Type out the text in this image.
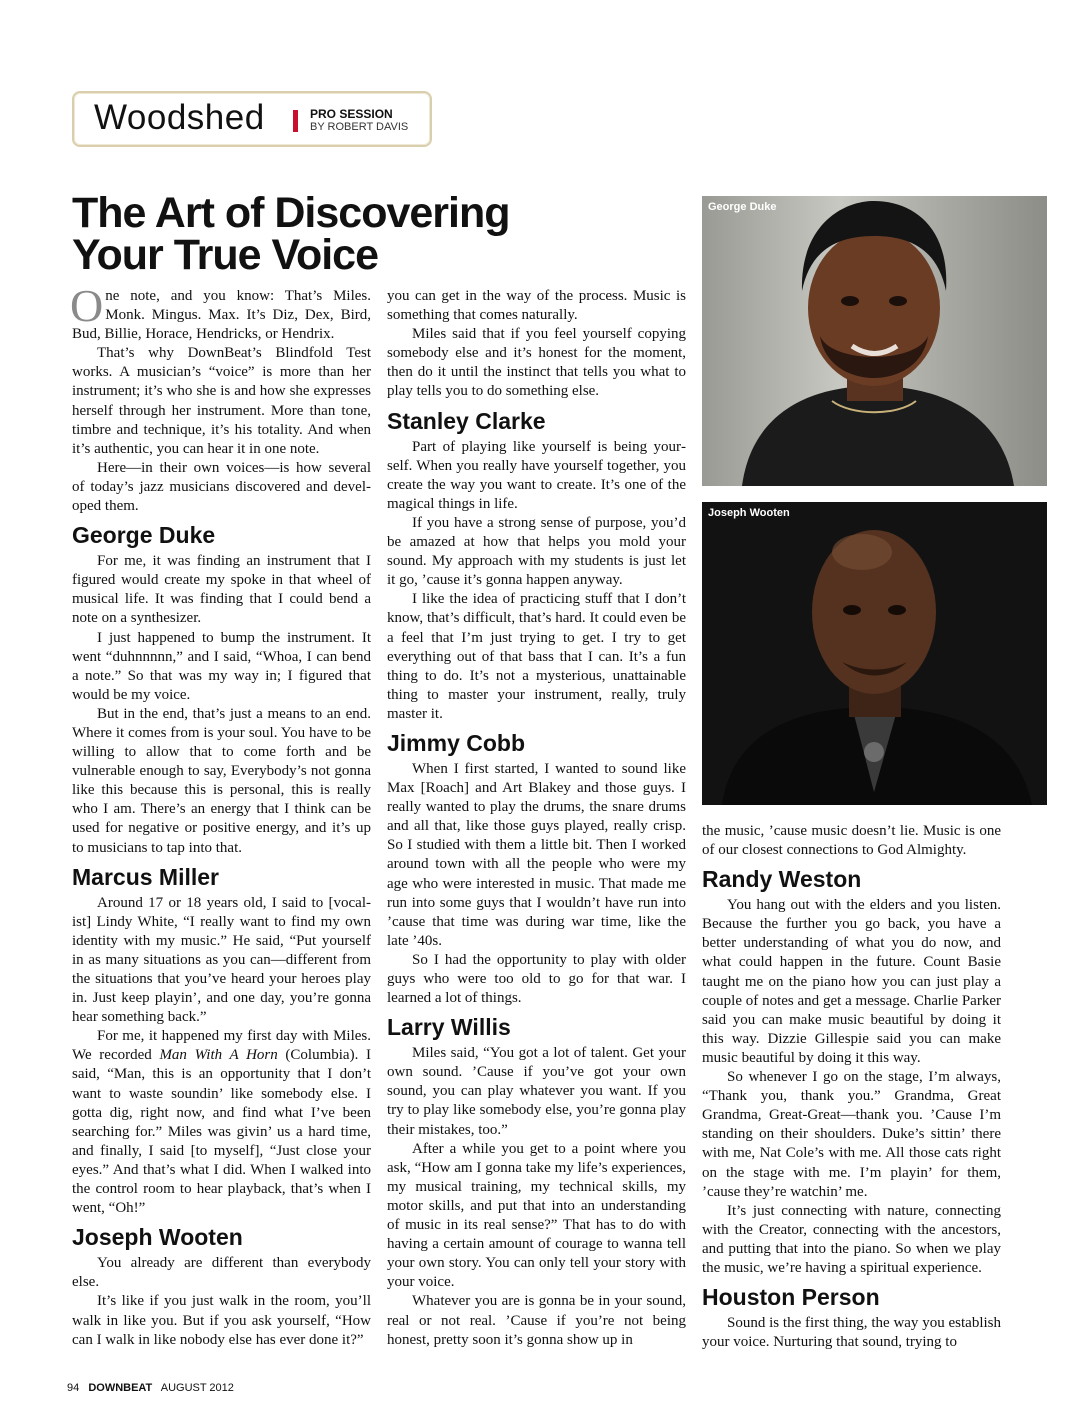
Woodshed	PRO SESSION
BY ROBERT DAVIS
The Art of Discovering
Your True Voice

One note, and you know: That’s Miles. Monk. Mingus. Max. It’s Diz, Dex, Bird, Bud, Billie, Horace, Hendricks, or Hendrix.

That’s why DownBeat’s Blindfold Test works. A musician’s “voice” is more than her instrument; it’s who she is and how she expresses herself through her instrument. More than tone, timbre and technique, it’s his totality. And when it’s authentic, you can hear it in one note.

Here—in their own voices—is how several of today’s jazz musicians discovered and developed them.

George Duke

For me, it was finding an instrument that I figured would create my spoke in that wheel of musical life. It was finding that I could bend a note on a synthesizer.

I just happened to bump the instrument. It went “duhnnnnn,” and I said, “Whoa, I can bend a note.” So that was my way in; I figured that would be my voice.

But in the end, that’s just a means to an end. Where it comes from is your soul. You have to be willing to allow that to come forth and be vulnerable enough to say, Everybody’s not gonna like this because this is personal, this is really who I am. There’s an energy that I think can be used for negative or positive energy, and it’s up to musicians to tap into that.

Marcus Miller

Around 17 or 18 years old, I said to [vocalist] Lindy White, “I really want to find my own identity with my music.” He said, “Put yourself in as many situations as you can—different from the situations that you’ve heard your heroes play in. Just keep playin’, and one day, you’re gonna hear something back.”

For me, it happened my first day with Miles. We recorded Man With A Horn (Columbia). I said, “Man, this is an opportunity that I don’t want to waste soundin’ like somebody else. I gotta dig, right now, and find what I’ve been searching for.” Miles was givin’ us a hard time, and finally, I said [to myself], “Just close your eyes.” And that’s what I did. When I walked into the control room to hear playback, that’s when I went, “Oh!”

Joseph Wooten

You already are different than everybody else.

It’s like if you just walk in the room, you’ll walk in like you. But if you ask yourself, “How can I walk in like nobody else has ever done it?”

you can get in the way of the process. Music is something that comes naturally.

Miles said that if you feel yourself copying somebody else and it’s honest for the moment, then do it until the instinct that tells you what to play tells you to do something else.

Stanley Clarke

Part of playing like yourself is being yourself. When you really have yourself together, you create the way you want to create. It’s one of the magical things in life.

If you have a strong sense of purpose, you’d be amazed at how that helps you mold your sound. My approach with my students is just let it go, ’cause it’s gonna happen anyway.

I like the idea of practicing stuff that I don’t know, that’s difficult, that’s hard. It could even be a feel that I’m just trying to get. I try to get everything out of that bass that I can. It’s a fun thing to do. It’s not a mysterious, unattainable thing to master your instrument, really, truly master it.

Jimmy Cobb

When I first started, I wanted to sound like Max [Roach] and Art Blakey and those guys. I really wanted to play the drums, the snare drums and all that, like those guys played, really crisp. So I studied with them a little bit. Then I worked around town with all the people who were my age who were interested in music. That made me run into some guys that I wouldn’t have run into ’cause that time was during war time, like the late ’40s.

So I had the opportunity to play with older guys who were too old to go for that war. I learned a lot of things.

Larry Willis

Miles said, “You got a lot of talent. Get your own sound. ’Cause if you’ve got your own sound, you can play whatever you want. If you try to play like somebody else, you’re gonna play their mistakes, too.”

After a while you get to a point where you ask, “How am I gonna take my life’s experiences, my musical training, my technical skills, my motor skills, and put that into an understanding of music in its real sense?” That has to do with having a certain amount of courage to wanna tell your own story. You can only tell your story with your voice.

Whatever you are is gonna be in your sound, real or not real. ’Cause if you’re not being honest, pretty soon it’s gonna show up in

George Duke
Joseph Wooten

the music, ’cause music doesn’t lie. Music is one of our closest connections to God Almighty.

Randy Weston

You hang out with the elders and you listen. Because the further you go back, you have a better understanding of what you do now, and what could happen in the future. Count Basie taught me on the piano how you can just play a couple of notes and get a message. Charlie Parker said you can make music beautiful by doing it this way. Dizzie Gillespie said you can make music beautiful by doing it this way.

So whenever I go on the stage, I’m always, “Thank you, thank you.” Grandma, Great Grandma, Great-Great—thank you. ’Cause I’m standing on their shoulders. Duke’s sittin’ there with me, Nat Cole’s with me. All those cats right on the stage with me. I’m playin’ for them, ’cause they’re watchin’ me.

It’s just connecting with nature, connecting with the Creator, connecting with the ancestors, and putting that into the piano. So when we play the music, we’re having a spiritual experience.

Houston Person

Sound is the first thing, the way you establish your voice. Nurturing that sound, trying to

94 DOWNBEAT AUGUST 2012
